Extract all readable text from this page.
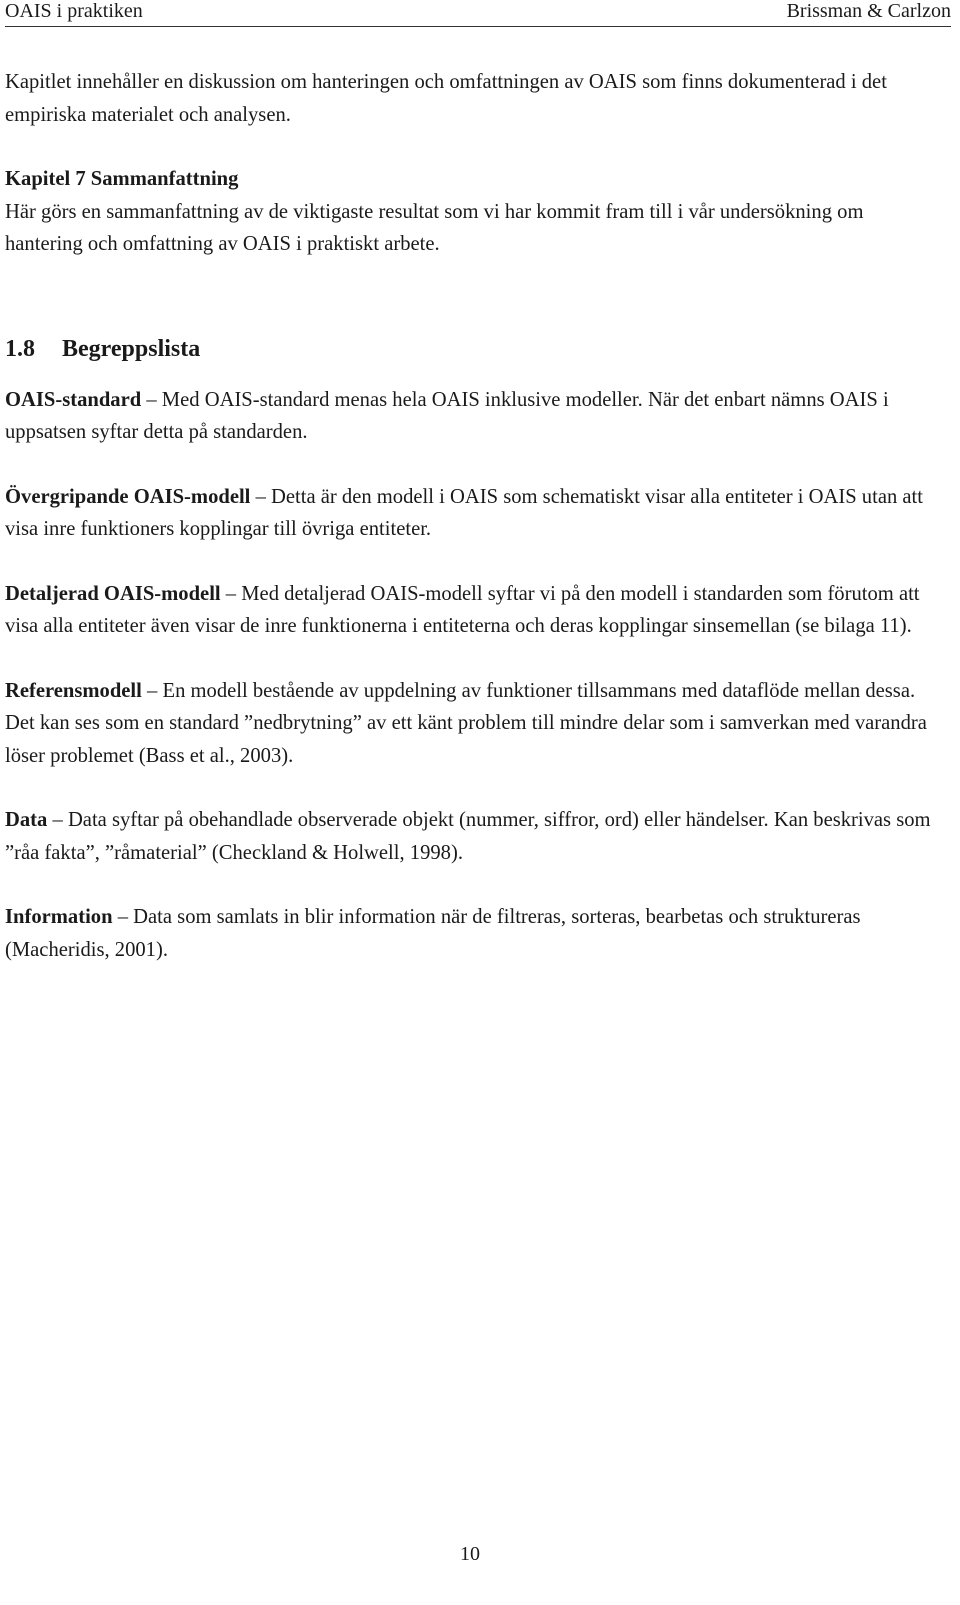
OAIS i praktiken	Brissman & Carlzon

Kapitlet innehåller en diskussion om hanteringen och omfattningen av OAIS som finns dokumenterad i det empiriska materialet och analysen.

Kapitel 7 Sammanfattning

Här görs en sammanfattning av de viktigaste resultat som vi har kommit fram till i vår undersökning om hantering och omfattning av OAIS i praktiskt arbete.

1.8 Begreppslista

OAIS-standard – Med OAIS-standard menas hela OAIS inklusive modeller. När det enbart nämns OAIS i uppsatsen syftar detta på standarden.

Övergripande OAIS-modell – Detta är den modell i OAIS som schematiskt visar alla entiteter i OAIS utan att visa inre funktioners kopplingar till övriga entiteter.

Detaljerad OAIS-modell – Med detaljerad OAIS-modell syftar vi på den modell i standarden som förutom att visa alla entiteter även visar de inre funktionerna i entiteterna och deras kopplingar sinsemellan (se bilaga 11).

Referensmodell – En modell bestående av uppdelning av funktioner tillsammans med dataflöde mellan dessa. Det kan ses som en standard ”nedbrytning” av ett känt problem till mindre delar som i samverkan med varandra löser problemet (Bass et al., 2003).

Data – Data syftar på obehandlade observerade objekt (nummer, siffror, ord) eller händelser. Kan beskrivas som ”råa fakta”, ”råmaterial” (Checkland & Holwell, 1998).

Information – Data som samlats in blir information när de filtreras, sorteras, bearbetas och struktureras (Macheridis, 2001).

10
